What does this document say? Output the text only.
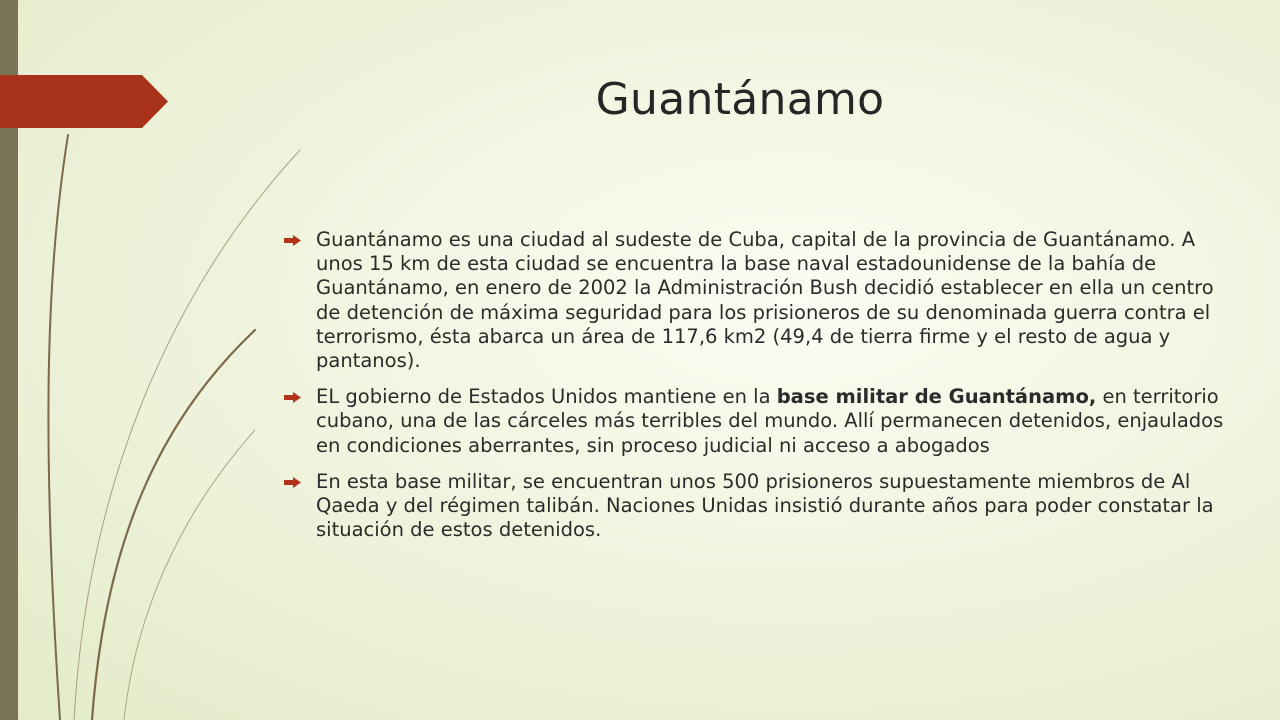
Guantánamo
Guantánamo es una ciudad al sudeste de Cuba, capital de la provincia de Guantánamo. A unos 15 km de esta ciudad se encuentra la base naval estadounidense de la bahía de Guantánamo, en enero de 2002 la Administración Bush decidió establecer en ella un centro de detención de máxima seguridad para los prisioneros de su denominada guerra contra el terrorismo, ésta abarca un área de 117,6 km2 (49,4 de tierra firme y el resto de agua y pantanos).
EL gobierno de Estados Unidos mantiene en la base militar de Guantánamo, en territorio cubano, una de las cárceles más terribles del mundo. Allí permanecen detenidos, enjaulados en condiciones aberrantes, sin proceso judicial ni acceso a abogados
En esta base militar, se encuentran unos 500 prisioneros supuestamente miembros de Al Qaeda y del régimen talibán. Naciones Unidas insistió durante años para poder constatar la situación de estos detenidos.
